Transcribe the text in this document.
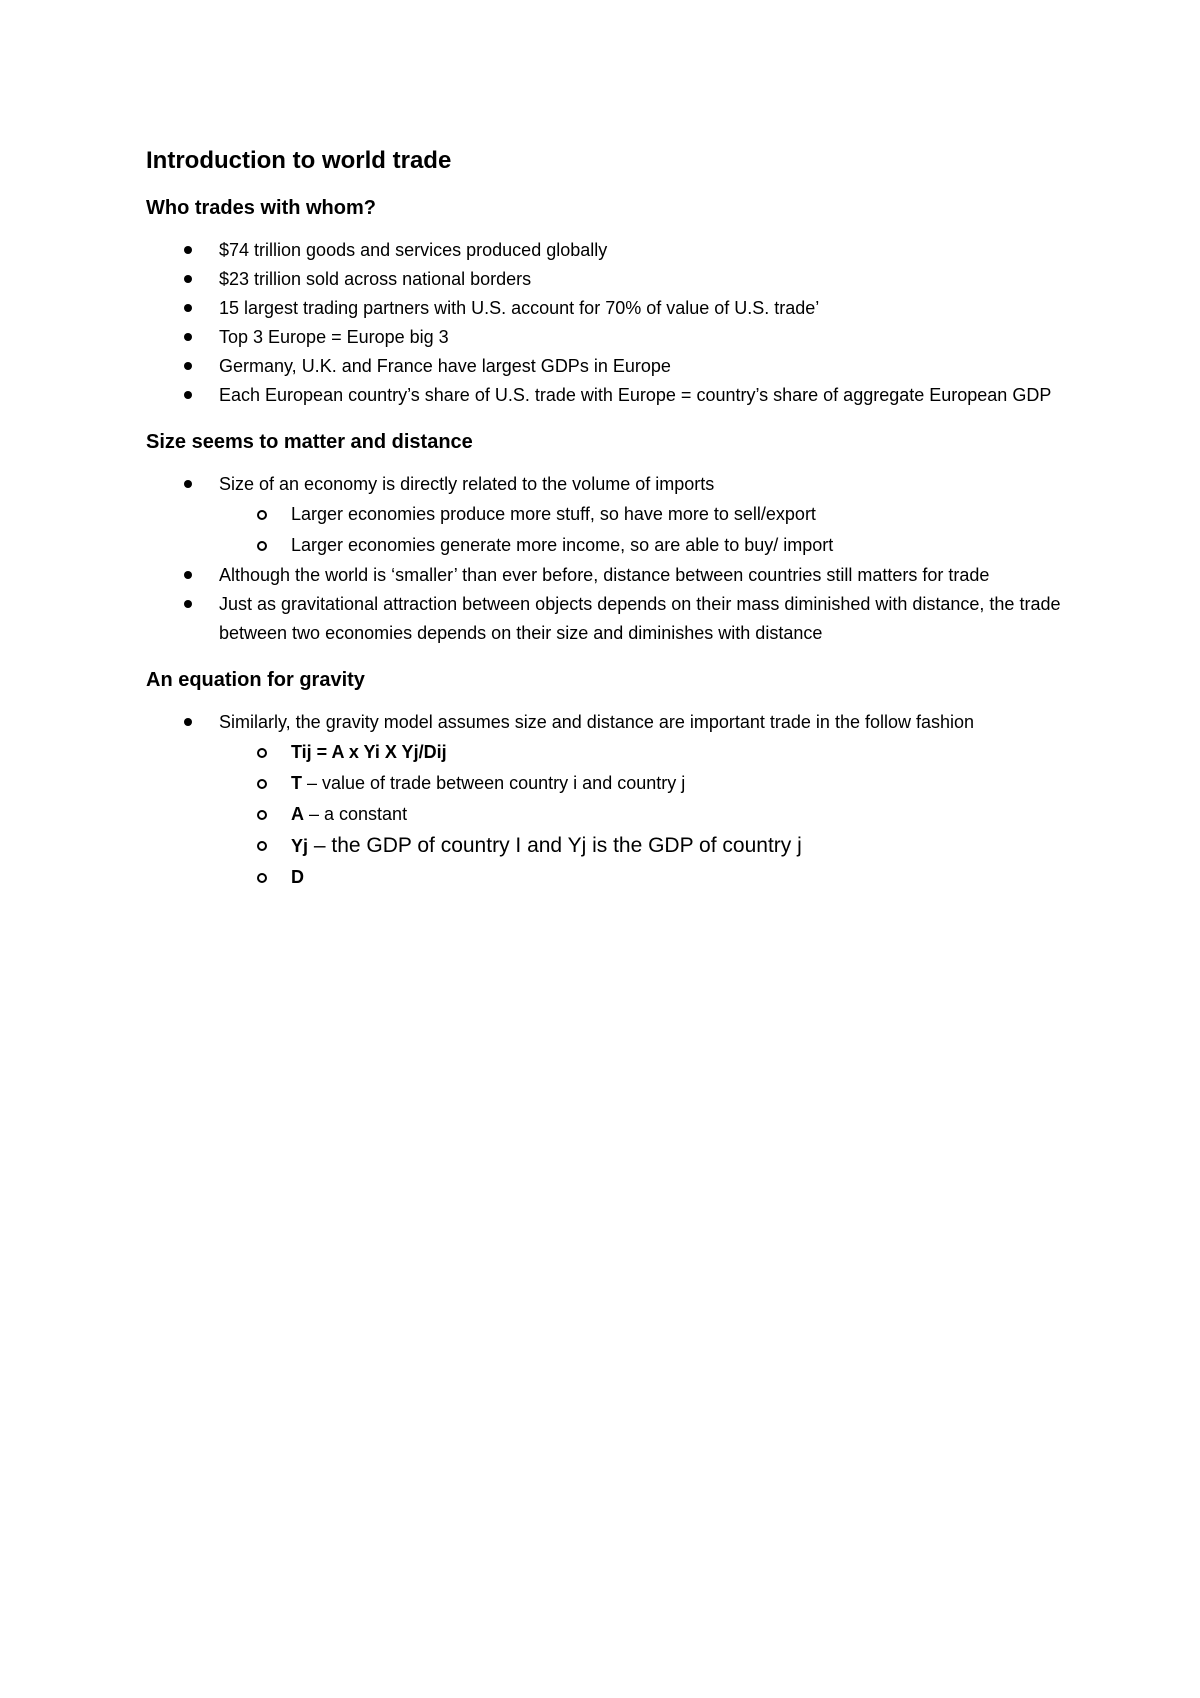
Introduction to world trade
Who trades with whom?
$74 trillion goods and services produced globally
$23 trillion sold across national borders
15 largest trading partners with U.S. account for 70% of value of U.S. trade’
Top 3 Europe = Europe big 3
Germany, U.K. and France have largest GDPs in Europe
Each European country’s share of U.S. trade with Europe = country’s share of aggregate European GDP
Size seems to matter and distance
Size of an economy is directly related to the volume of imports
Larger economies produce more stuff, so have more to sell/export
Larger economies generate more income, so are able to buy/ import
Although the world is ‘smaller’ than ever before, distance between countries still matters for trade
Just as gravitational attraction between objects depends on their mass diminished with distance, the trade between two economies depends on their size and diminishes with distance
An equation for gravity
Similarly, the gravity model assumes size and distance are important trade in the follow fashion
Tij = A x Yi X Yj/Dij
T – value of trade between country i and country j
A – a constant
Yj – the GDP of country I and Yj is the GDP of country j
D
